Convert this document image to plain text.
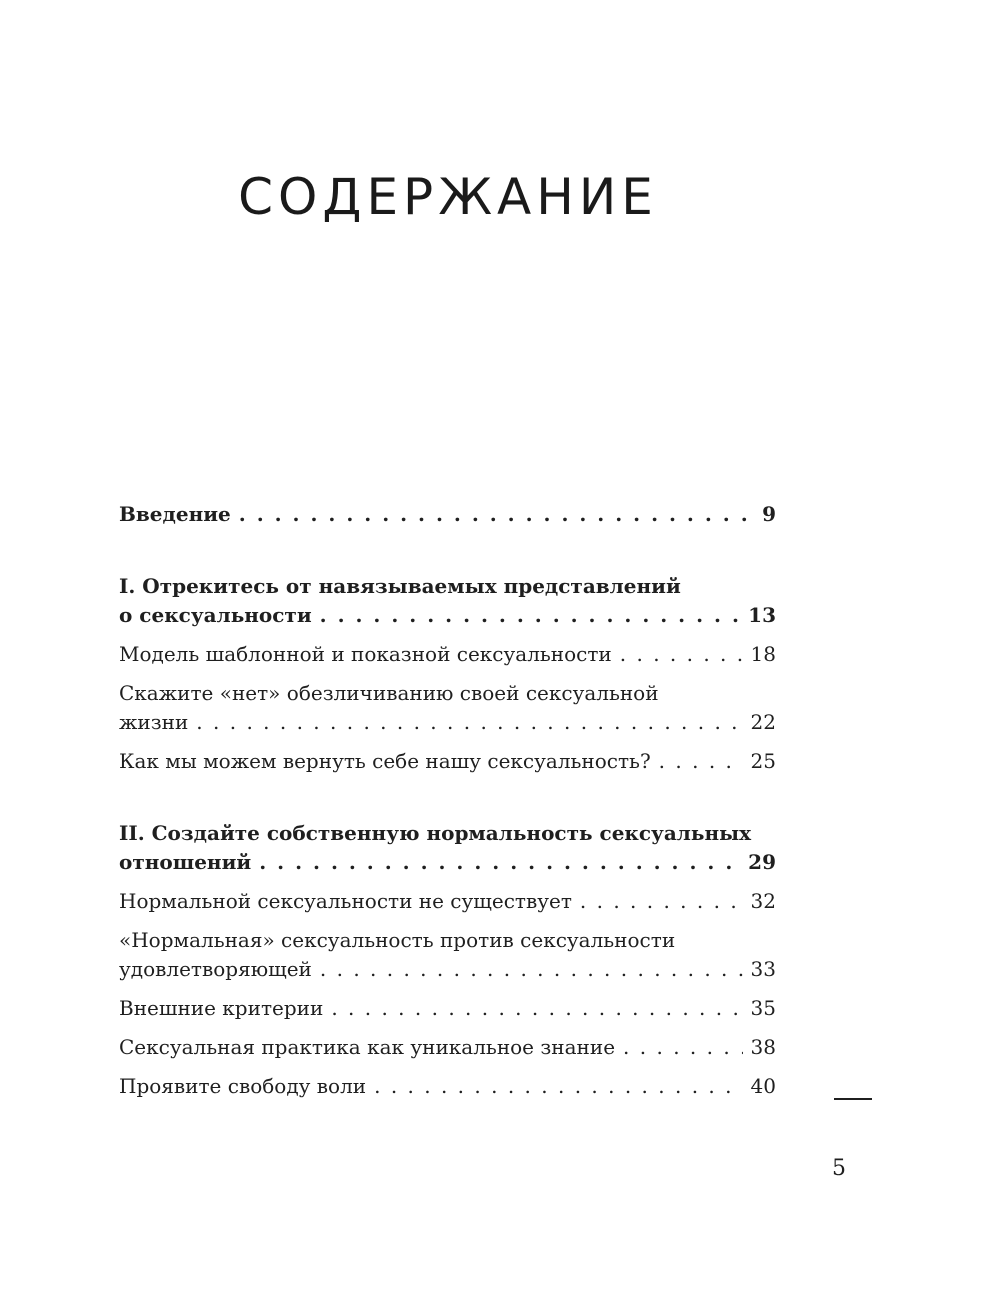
СОДЕРЖАНИЕ
Введение . . .	9
I. Отрекитесь от навязываемых представлений
о сексуальности . . .	13
Модель шаблонной и показной сексуальности . . .	18
Скажите «нет» обезличиванию своей сексуальной
жизни . . .	22
Как мы можем вернуть себе нашу сексуальность? . . .	25
II. Создайте собственную нормальность сексуальных
отношений . . .	29
Нормальной сексуальности не существует . . .	32
«Нормальная» сексуальность против сексуальности
удовлетворяющей . . .	33
Внешние критерии . . .	35
Сексуальная практика как уникальное знание . . .	38
Проявите свободу воли . . .	40
5
